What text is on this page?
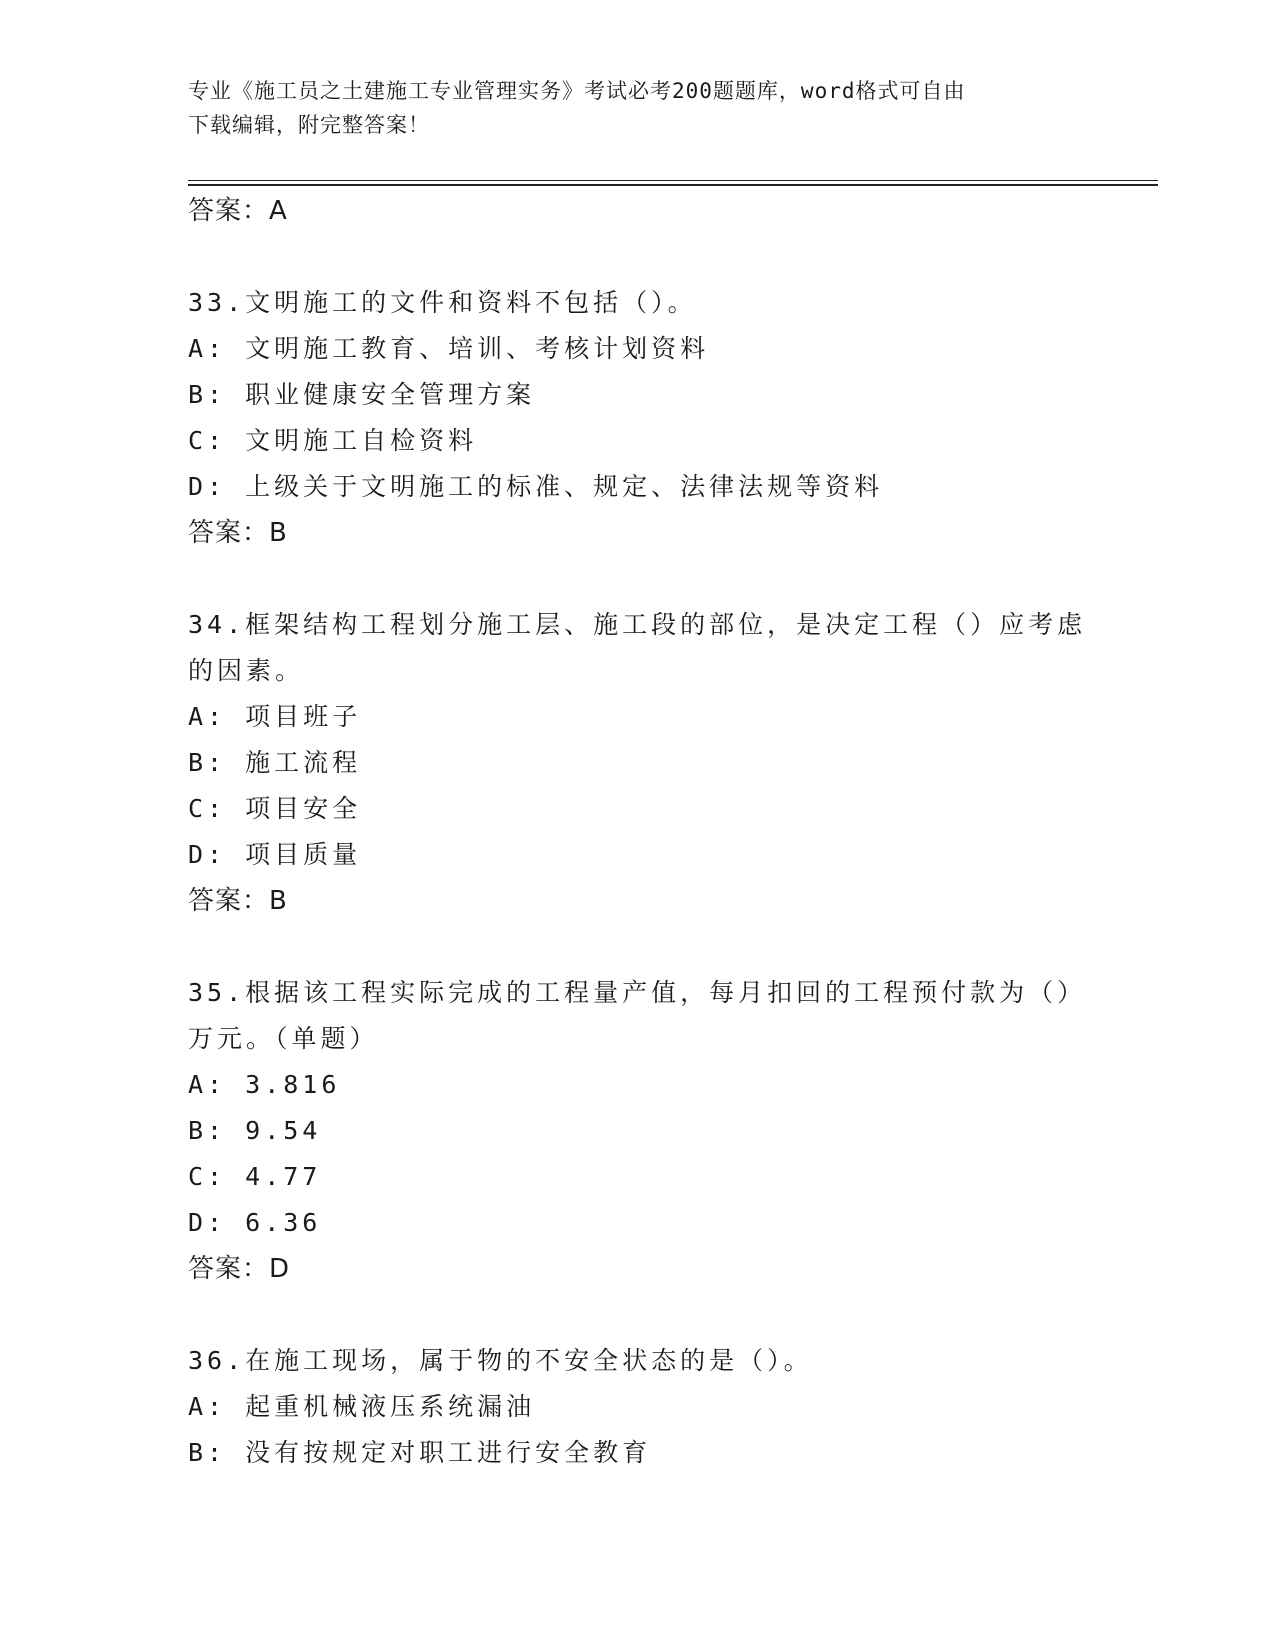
专业《施工员之土建施工专业管理实务》考试必考200题题库，word格式可自由
下载编辑，附完整答案！
答案：A
33.文明施工的文件和资料不包括（）。
A: 文明施工教育、培训、考核计划资料
B: 职业健康安全管理方案
C: 文明施工自检资料
D: 上级关于文明施工的标准、规定、法律法规等资料
答案：B
34.框架结构工程划分施工层、施工段的部位，是决定工程（）应考虑
的因素。
A: 项目班子
B: 施工流程
C: 项目安全
D: 项目质量
答案：B
35.根据该工程实际完成的工程量产值，每月扣回的工程预付款为（）
万元。（单题）
A: 3.816
B: 9.54
C: 4.77
D: 6.36
答案：D
36.在施工现场，属于物的不安全状态的是（）。
A: 起重机械液压系统漏油
B: 没有按规定对职工进行安全教育
